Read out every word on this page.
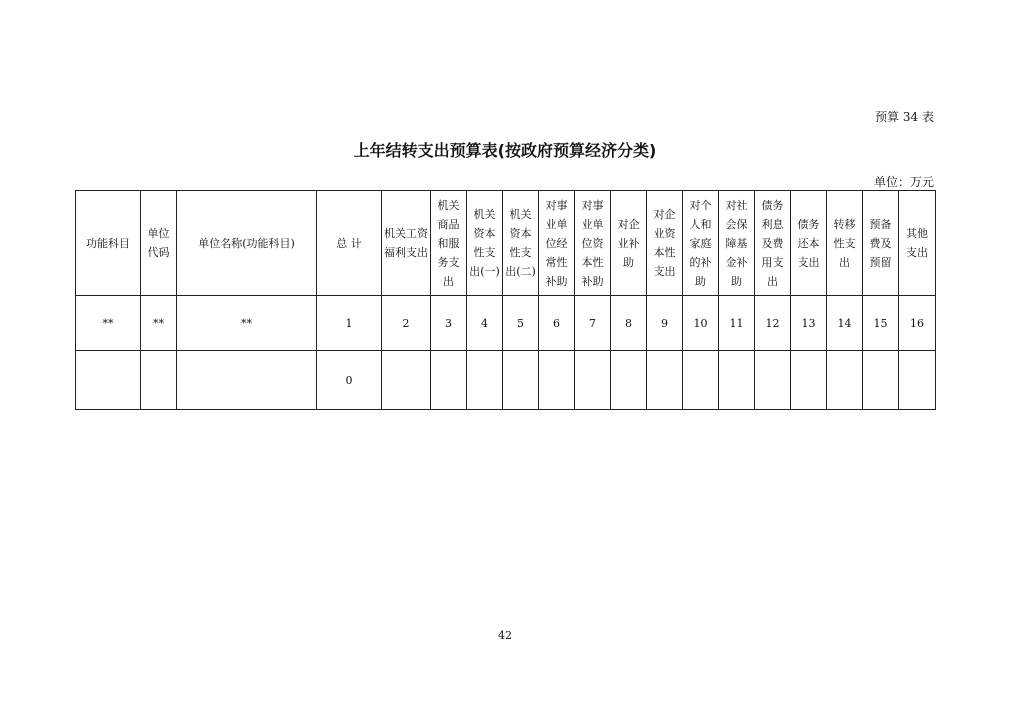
预算 34 表
上年结转支出预算表(按政府预算经济分类)
单位：万元
功能科目	单位代码	单位名称(功能科目)	总 计	机关工资福利支出	机关商品和服务支出	机关资本性支出(一)	机关资本性支出(二)	对事业单位经常性补助	对事业单位资本性补助	对企业补助	对企业资本性支出	对个人和家庭的补助	对社会保障基金补助	债务利息及费用支出	债务还本支出	转移性支出	预备费及预留	其他支出
**	**	**	1	2	3	4	5	6	7	8	9	10	11	12	13	14	15	16
			0															
42
